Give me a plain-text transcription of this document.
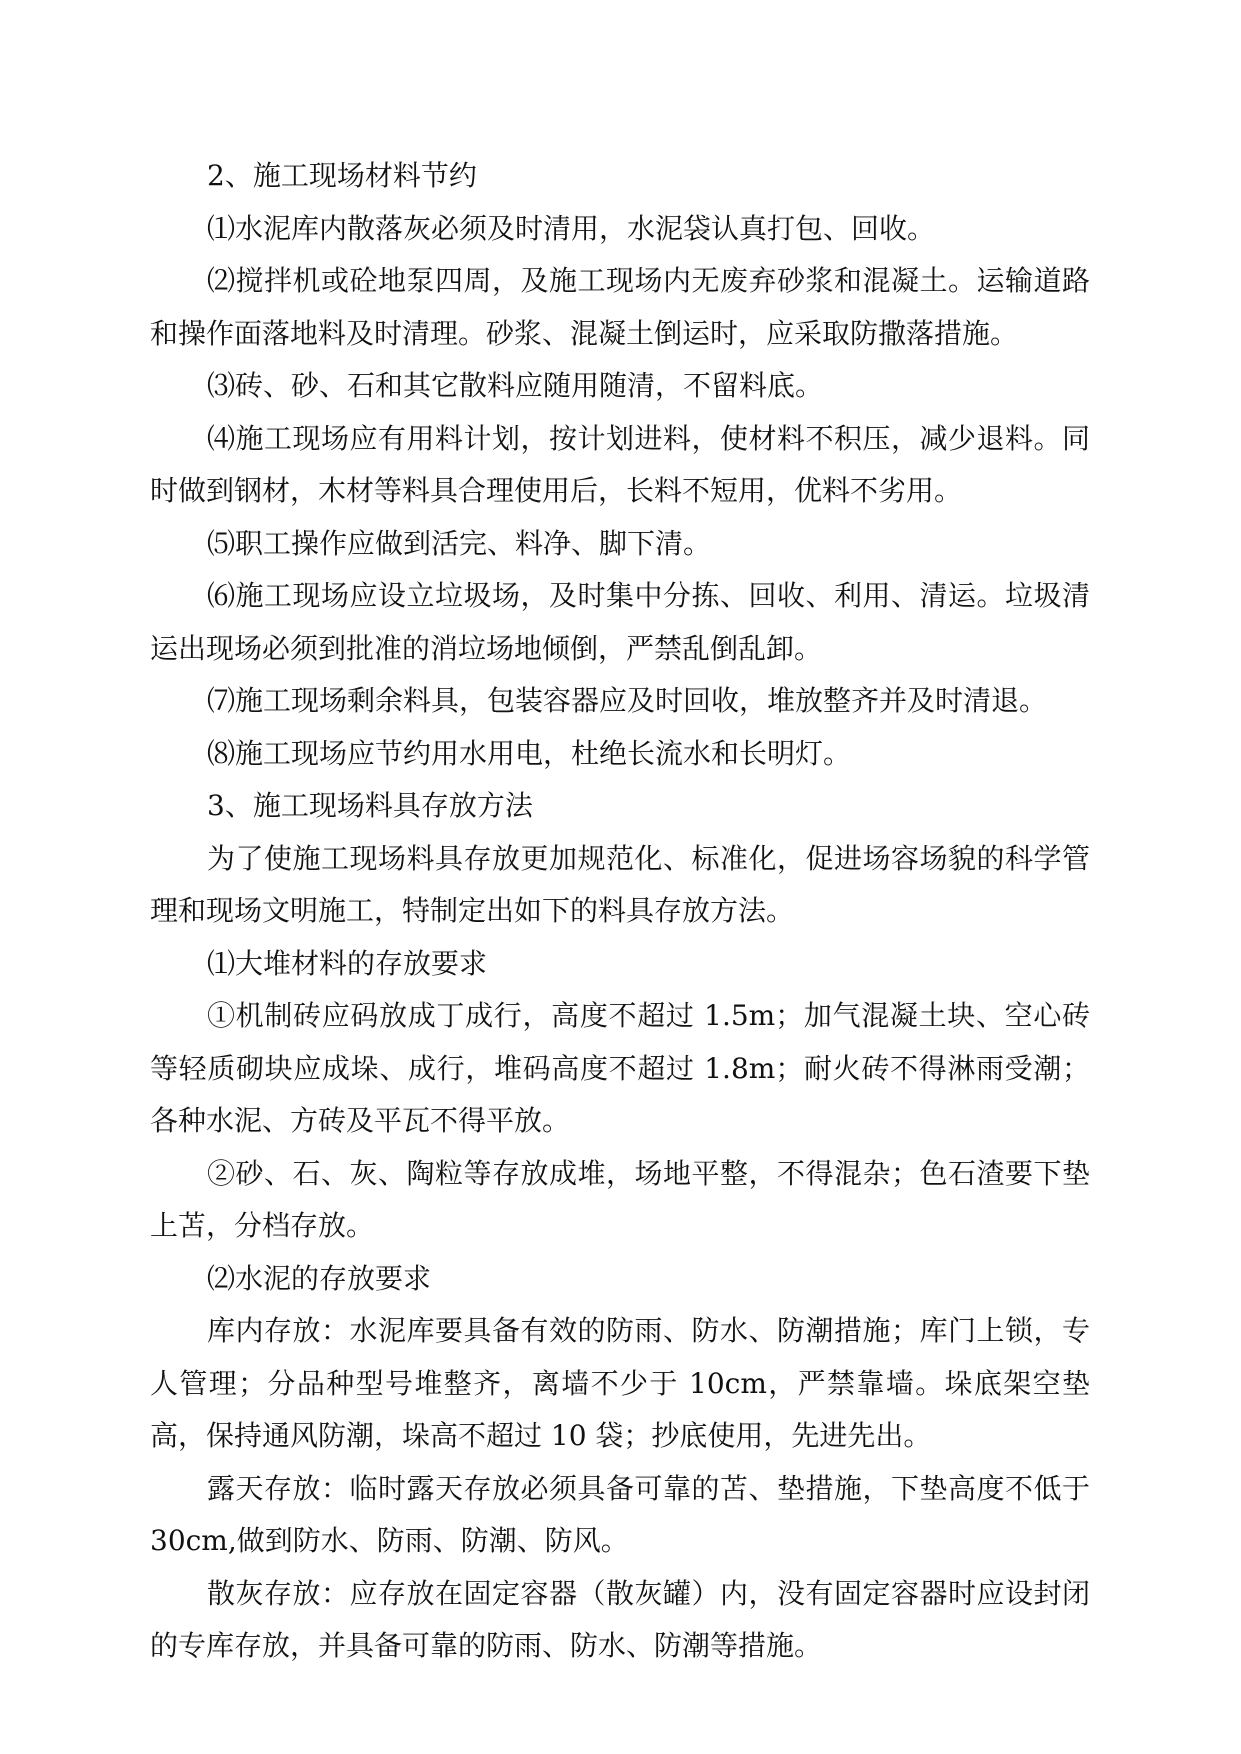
2、施工现场材料节约

⑴水泥库内散落灰必须及时清用，水泥袋认真打包、回收。

⑵搅拌机或砼地泵四周，及施工现场内无废弃砂浆和混凝土。运输道路和操作面落地料及时清理。砂浆、混凝土倒运时，应采取防撒落措施。

⑶砖、砂、石和其它散料应随用随清，不留料底。

⑷施工现场应有用料计划，按计划进料，使材料不积压，减少退料。同时做到钢材，木材等料具合理使用后，长料不短用，优料不劣用。

⑸职工操作应做到活完、料净、脚下清。

⑹施工现场应设立垃圾场，及时集中分拣、回收、利用、清运。垃圾清运出现场必须到批准的消垃场地倾倒，严禁乱倒乱卸。

⑺施工现场剩余料具，包装容器应及时回收，堆放整齐并及时清退。

⑻施工现场应节约用水用电，杜绝长流水和长明灯。

3、施工现场料具存放方法

为了使施工现场料具存放更加规范化、标准化，促进场容场貌的科学管理和现场文明施工，特制定出如下的料具存放方法。

⑴大堆材料的存放要求

①机制砖应码放成丁成行，高度不超过 1.5m；加气混凝土块、空心砖等轻质砌块应成垛、成行，堆码高度不超过 1.8m；耐火砖不得淋雨受潮；各种水泥、方砖及平瓦不得平放。

②砂、石、灰、陶粒等存放成堆，场地平整，不得混杂；色石渣要下垫上苫，分档存放。

⑵水泥的存放要求

库内存放：水泥库要具备有效的防雨、防水、防潮措施；库门上锁，专人管理；分品种型号堆整齐，离墙不少于 10cm，严禁靠墙。垛底架空垫高，保持通风防潮，垛高不超过 10 袋；抄底使用，先进先出。

露天存放：临时露天存放必须具备可靠的苫、垫措施，下垫高度不低于 30cm,做到防水、防雨、防潮、防风。

散灰存放：应存放在固定容器（散灰罐）内，没有固定容器时应设封闭的专库存放，并具备可靠的防雨、防水、防潮等措施。
